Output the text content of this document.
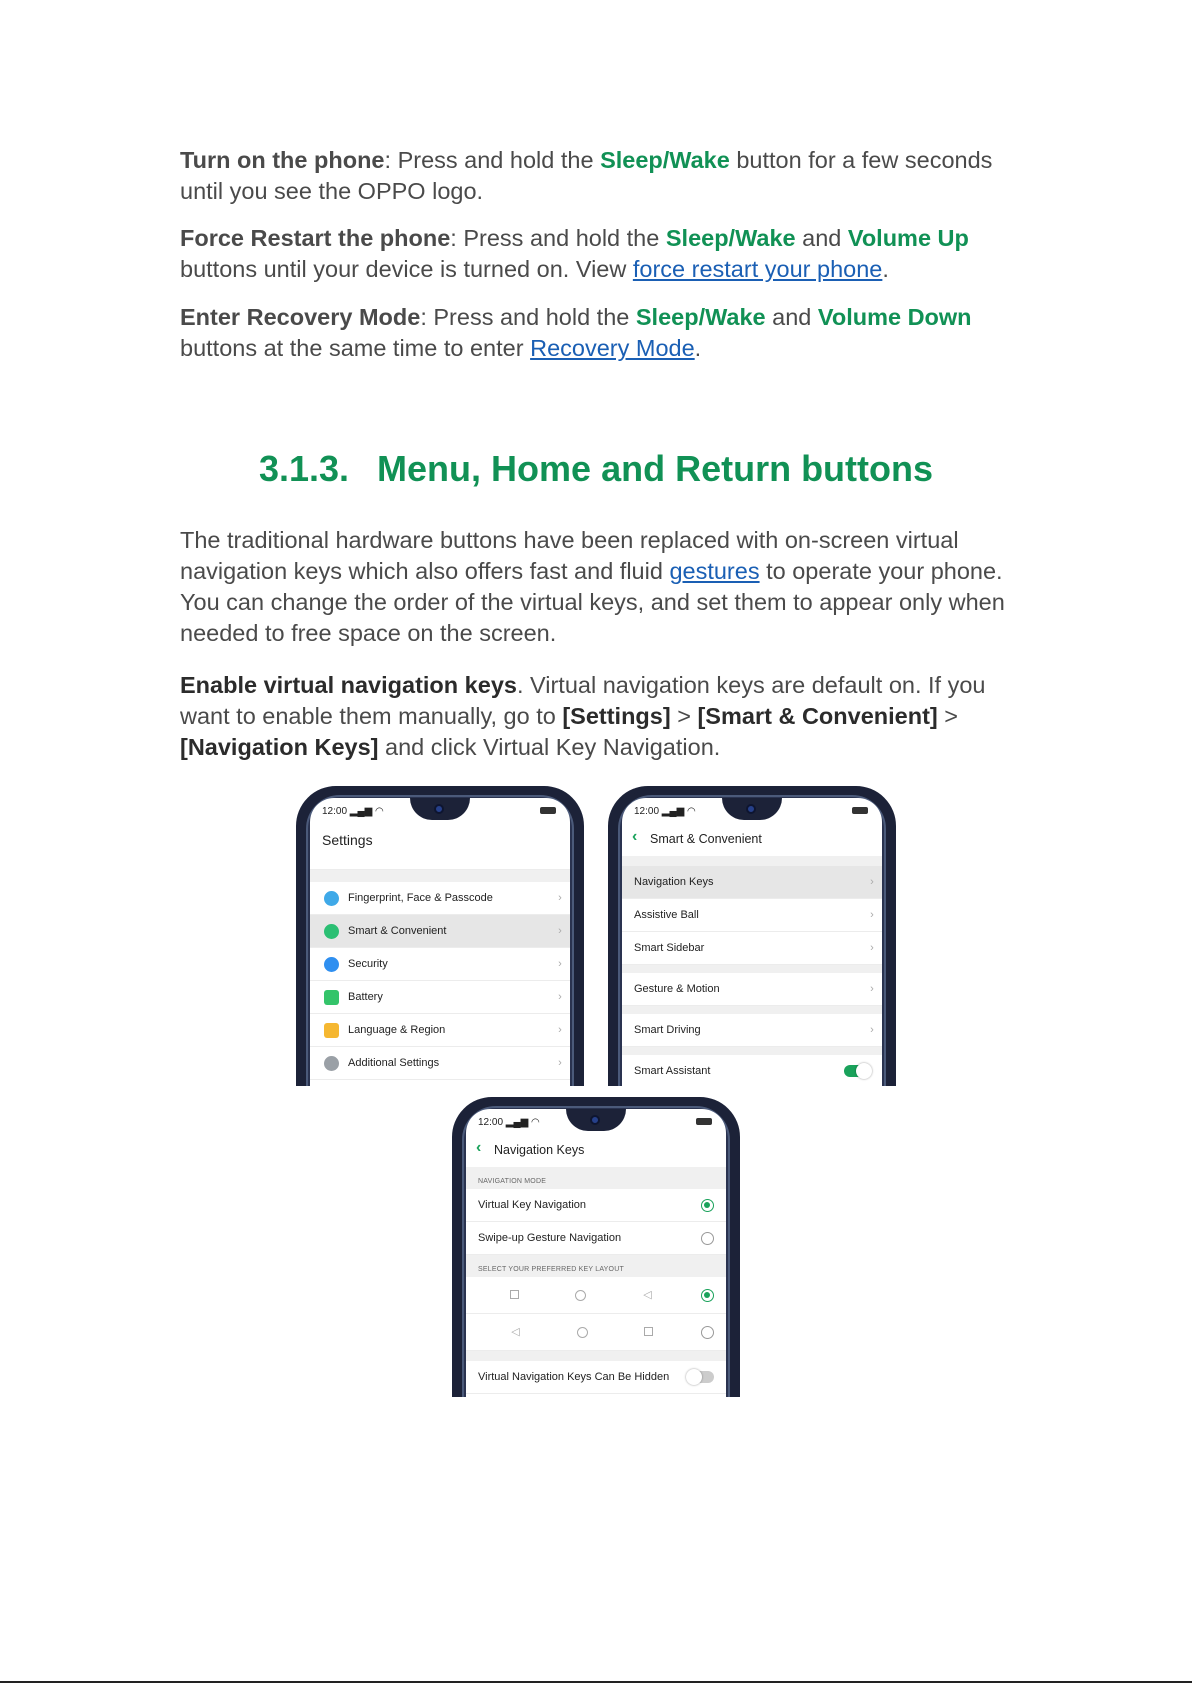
Turn on the phone: Press and hold the Sleep/Wake button for a few seconds until you see the OPPO logo.

Force Restart the phone: Press and hold the Sleep/Wake and Volume Up buttons until your device is turned on. View force restart your phone.

Enter Recovery Mode: Press and hold the Sleep/Wake and Volume Down buttons at the same time to enter Recovery Mode.

3.1.3. Menu, Home and Return buttons

The traditional hardware buttons have been replaced with on-screen virtual navigation keys which also offers fast and fluid gestures to operate your phone. You can change the order of the virtual keys, and set them to appear only when needed to free space on the screen.

Enable virtual navigation keys. Virtual navigation keys are default on. If you want to enable them manually, go to [Settings] > [Smart & Convenient] > [Navigation Keys] and click Virtual Key Navigation.

12:00 ▂▄▆ ◠
Settings
Fingerprint, Face & Passcode	›
Smart & Convenient	›
Security	›
Battery	›
Language & Region	›
Additional Settings	›
12:00 ▂▄▆ ◠
‹ Smart & Convenient
Navigation Keys	›
Assistive Ball	›
Smart Sidebar	›
Gesture & Motion	›
Smart Driving	›
Smart Assistant
12:00 ▂▄▆ ◠
‹ Navigation Keys
NAVIGATION MODE
Virtual Key Navigation
Swipe-up Gesture Navigation
SELECT YOUR PREFERRED KEY LAYOUT
◁
◁
Virtual Navigation Keys Can Be Hidden
